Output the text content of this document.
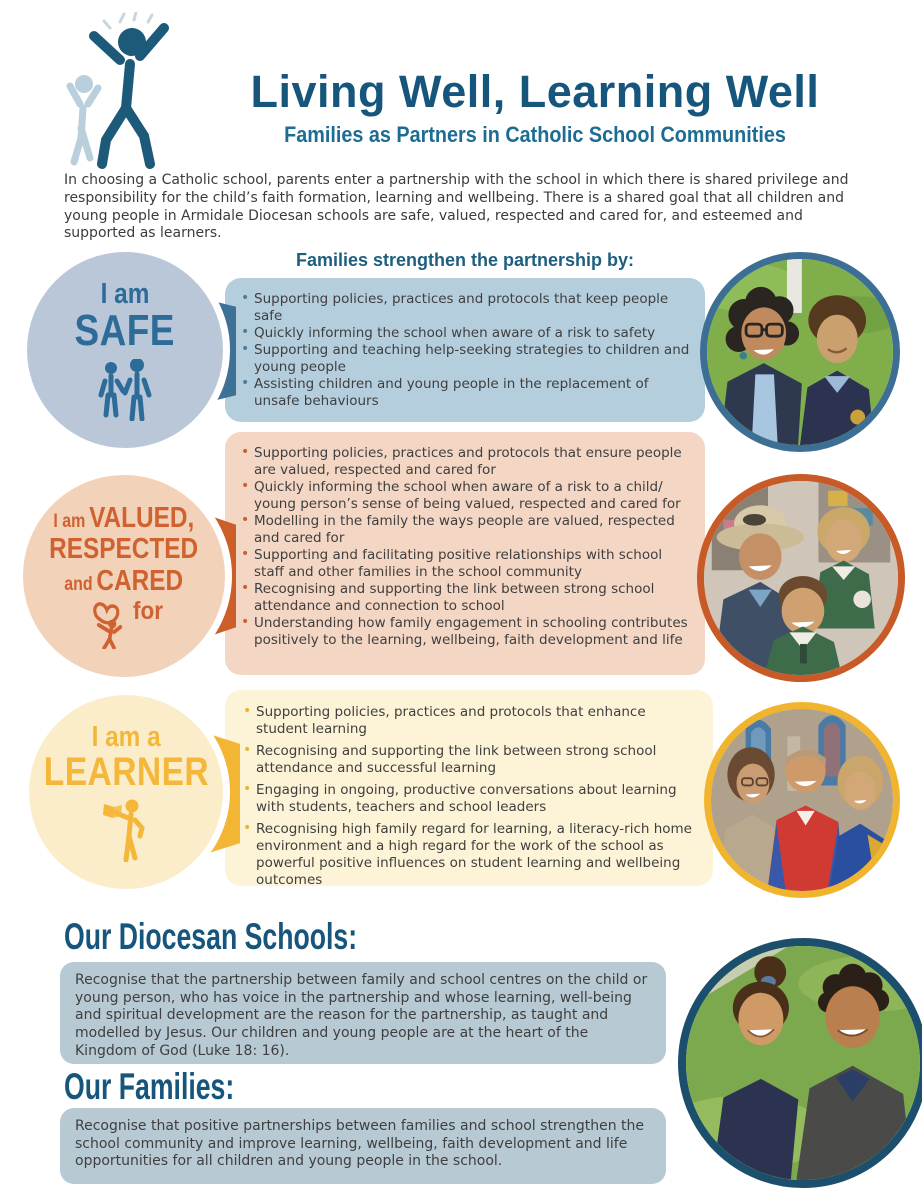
Living Well, Learning Well
Families as Partners in Catholic School Communities

In choosing a Catholic school, parents enter a partnership with the school in which there is shared privilege and responsibility for the child’s faith formation, learning and wellbeing. There is a shared goal that all children and young people in Armidale Diocesan schools are safe, valued, respected and cared for, and esteemed and supported as learners.

Families strengthen the partnership by:
• Supporting policies, practices and protocols that keep people safe
• Quickly informing the school when aware of a risk to safety
• Supporting and teaching help-seeking strategies to children and young people
• Assisting children and young people in the replacement of unsafe behaviours
I am
SAFE
• Supporting policies, practices and protocols that ensure people are valued, respected and cared for
• Quickly informing the school when aware of a risk to a child/ young person’s sense of being valued, respected and cared for
• Modelling in the family the ways people are valued, respected and cared for
• Supporting and facilitating positive relationships with school staff and other families in the school community
• Recognising and supporting the link between strong school attendance and connection to school
• Understanding how family engagement in schooling contributes positively to the learning, wellbeing, faith development and life
I am VALUED,
RESPECTED
and CARED
for
• Supporting policies, practices and protocols that enhance student learning
• Recognising and supporting the link between strong school attendance and successful learning
• Engaging in ongoing, productive conversations about learning with students, teachers and school leaders
• Recognising high family regard for learning, a literacy-rich home environment and a high regard for the work of the school as powerful positive influences on student learning and wellbeing outcomes
I am a
LEARNER
Our Diocesan Schools:
Recognise that the partnership between family and school centres on the child or young person, who has voice in the partnership and whose learning, well-being and spiritual development are the reason for the partnership, as taught and modelled by Jesus. Our children and young people are at the heart of the Kingdom of God (Luke 18: 16).
Our Families:
Recognise that positive partnerships between families and school strengthen the school community and improve learning, wellbeing, faith development and life opportunities for all children and young people in the school.
